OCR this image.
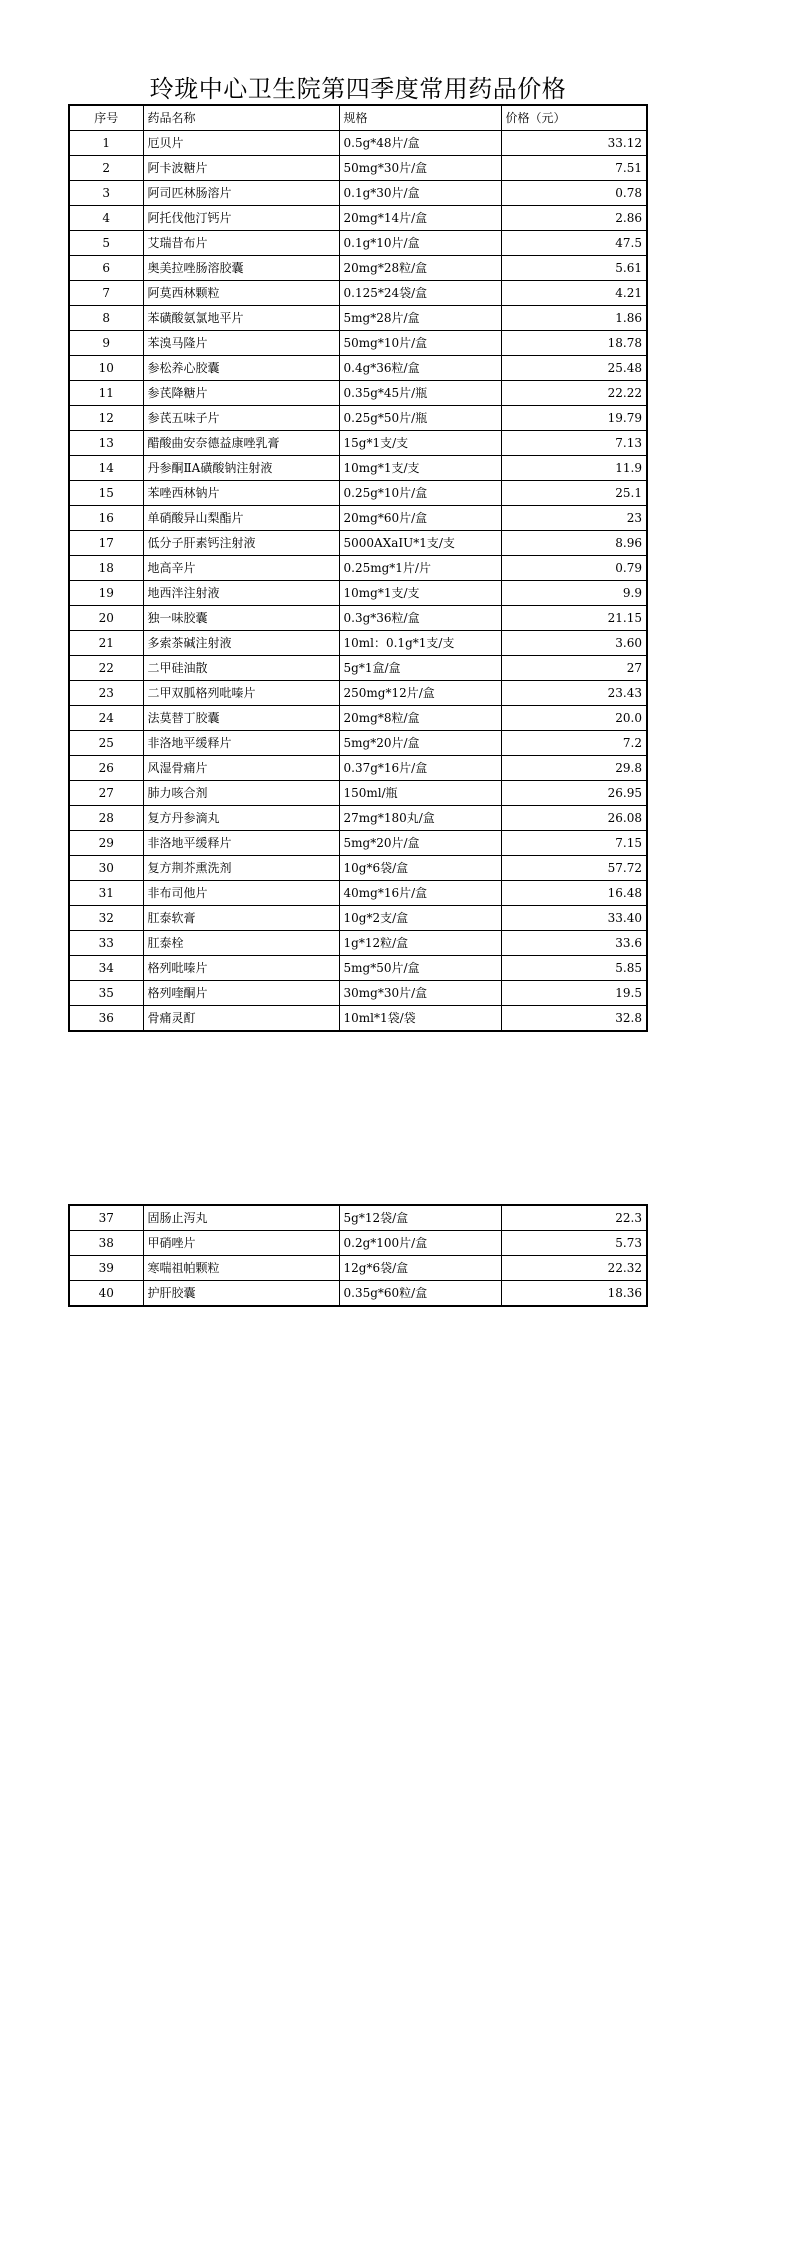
玲珑中心卫生院第四季度常用药品价格
序号	药品名称	规格	价格（元）
1	厄贝片	0.5g*48片/盒	33.12
2	阿卡波糖片	50mg*30片/盒	7.51
3	阿司匹林肠溶片	0.1g*30片/盒	0.78
4	阿托伐他汀钙片	20mg*14片/盒	2.86
5	艾瑞昔布片	0.1g*10片/盒	47.5
6	奥美拉唑肠溶胶囊	20mg*28粒/盒	5.61
7	阿莫西林颗粒	0.125*24袋/盒	4.21
8	苯磺酸氨氯地平片	5mg*28片/盒	1.86
9	苯溴马隆片	50mg*10片/盒	18.78
10	参松养心胶囊	0.4g*36粒/盒	25.48
11	参芪降糖片	0.35g*45片/瓶	22.22
12	参芪五味子片	0.25g*50片/瓶	19.79
13	醋酸曲安奈德益康唑乳膏	15g*1支/支	7.13
14	丹参酮ⅡA磺酸钠注射液	10mg*1支/支	11.9
15	苯唑西林钠片	0.25g*10片/盒	25.1
16	单硝酸异山梨酯片	20mg*60片/盒	23
17	低分子肝素钙注射液	5000AXaIU*1支/支	8.96
18	地高辛片	0.25mg*1片/片	0.79
19	地西泮注射液	10mg*1支/支	9.9
20	独一味胶囊	0.3g*36粒/盒	21.15
21	多索茶碱注射液	10ml：0.1g*1支/支	3.60
22	二甲硅油散	5g*1盒/盒	27
23	二甲双胍格列吡嗪片	250mg*12片/盒	23.43
24	法莫替丁胶囊	20mg*8粒/盒	20.0
25	非洛地平缓释片	5mg*20片/盒	7.2
26	风湿骨痛片	0.37g*16片/盒	29.8
27	肺力咳合剂	150ml/瓶	26.95
28	复方丹参滴丸	27mg*180丸/盒	26.08
29	非洛地平缓释片	5mg*20片/盒	7.15
30	复方荆芥熏洗剂	10g*6袋/盒	57.72
31	非布司他片	40mg*16片/盒	16.48
32	肛泰软膏	10g*2支/盒	33.40
33	肛泰栓	1g*12粒/盒	33.6
34	格列吡嗪片	5mg*50片/盒	5.85
35	格列喹酮片	30mg*30片/盒	19.5
36	骨痛灵酊	10ml*1袋/袋	32.8
37	固肠止泻丸	5g*12袋/盒	22.3
38	甲硝唑片	0.2g*100片/盒	5.73
39	寒喘祖帕颗粒	12g*6袋/盒	22.32
40	护肝胶囊	0.35g*60粒/盒	18.36
